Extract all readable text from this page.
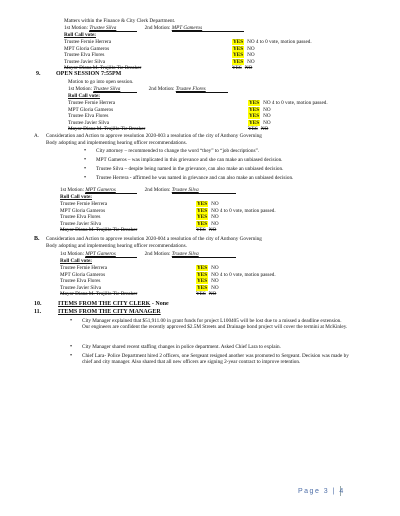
Matters within the Finance & City Clerk Department.
1st Motion: Trustee Silva	2nd Motion: MPT Gameros
Roll Call vote:
Trustee Fernie Herrera	YES NO 4 to 0 vote, motion passed.
MPT Gloria Gameros	YES NO
Trustee Elva Flores	YES NO
Trustee Javier Silva	YES NO
Mayor Diana M. Trujillo Tie Breaker	YES NO
9.	OPEN SESSION 7:55PM
Motion to go into open session.
1st Motion: Trustee Silva	2nd Motion: Trustee Flores
Roll Call vote:
Trustee Fernie Herrera	YES NO 4 to 0 vote, motion passed.
MPT Gloria Gameros	YES NO
Trustee Elva Flores	YES NO
Trustee Javier Silva	YES NO
Mayor Diana M. Trujillo Tie Breaker	YES NO
A. Consideration and Action to approve resolution 2020-003 a resolution of the city of Anthony Governing
Body adopting and implementing hearing officer recommendations.
• City attorney – recommended to change the word “they” to “job descriptions”.
• MPT Gameros – was implicated in this grievance and she can make an unbiased decision.
• Trustee Silva – despite being named in the grievance, can also make an unbiased decision.
• Trustee Herrera - affirmed he was named in grievance and can also make an unbiased decision.
1st Motion: MPT Gameros	2nd Motion: Trustee Silva
Roll Call vote:
Trustee Fernie Herrera	YES NO
MPT Gloria Gameros	YES NO 4 to 0 vote, motion passed.
Trustee Elva Flores	YES NO
Trustee Javier Silva	YES NO
Mayor Diana M. Trujillo Tie Breaker	YES NO
B. Consideration and Action to approve resolution 2020-004 a resolution of the city of Anthony Governing
Body adopting and implementing hearing officer recommendations.
1st Motion: MPT Gameros	2nd Motion: Trustee Silva
Roll Call vote:
Trustee Fernie Herrera	YES NO
MPT Gloria Gameros	YES NO 4 to 0 vote, motion passed.
Trustee Elva Flores	YES NO
Trustee Javier Silva	YES NO
Mayor Diana M. Trujillo Tie Breaker	YES NO
10.	ITEMS FROM THE CITY CLERK - None
11.	ITEMS FROM THE CITY MANAGER
• City Manager explained that $51,911.00 in grant funds for project L100405 will be lost due to a missed a deadline extension. Our engineers are confident the recently approved $2.5M Streets and Drainage bond project will cover the termini at McKinley.
• City Manager shared recent staffing changes in police department. Asked Chief Lara to explain.
• Chief Lara- Police Department hired 2 officers, one Sergeant resigned another was promoted to Sergeant. Decision was made by chief and city manager. Also shared that all new officers are signing 2-year contract to improve retention.
Page 3 | 4
